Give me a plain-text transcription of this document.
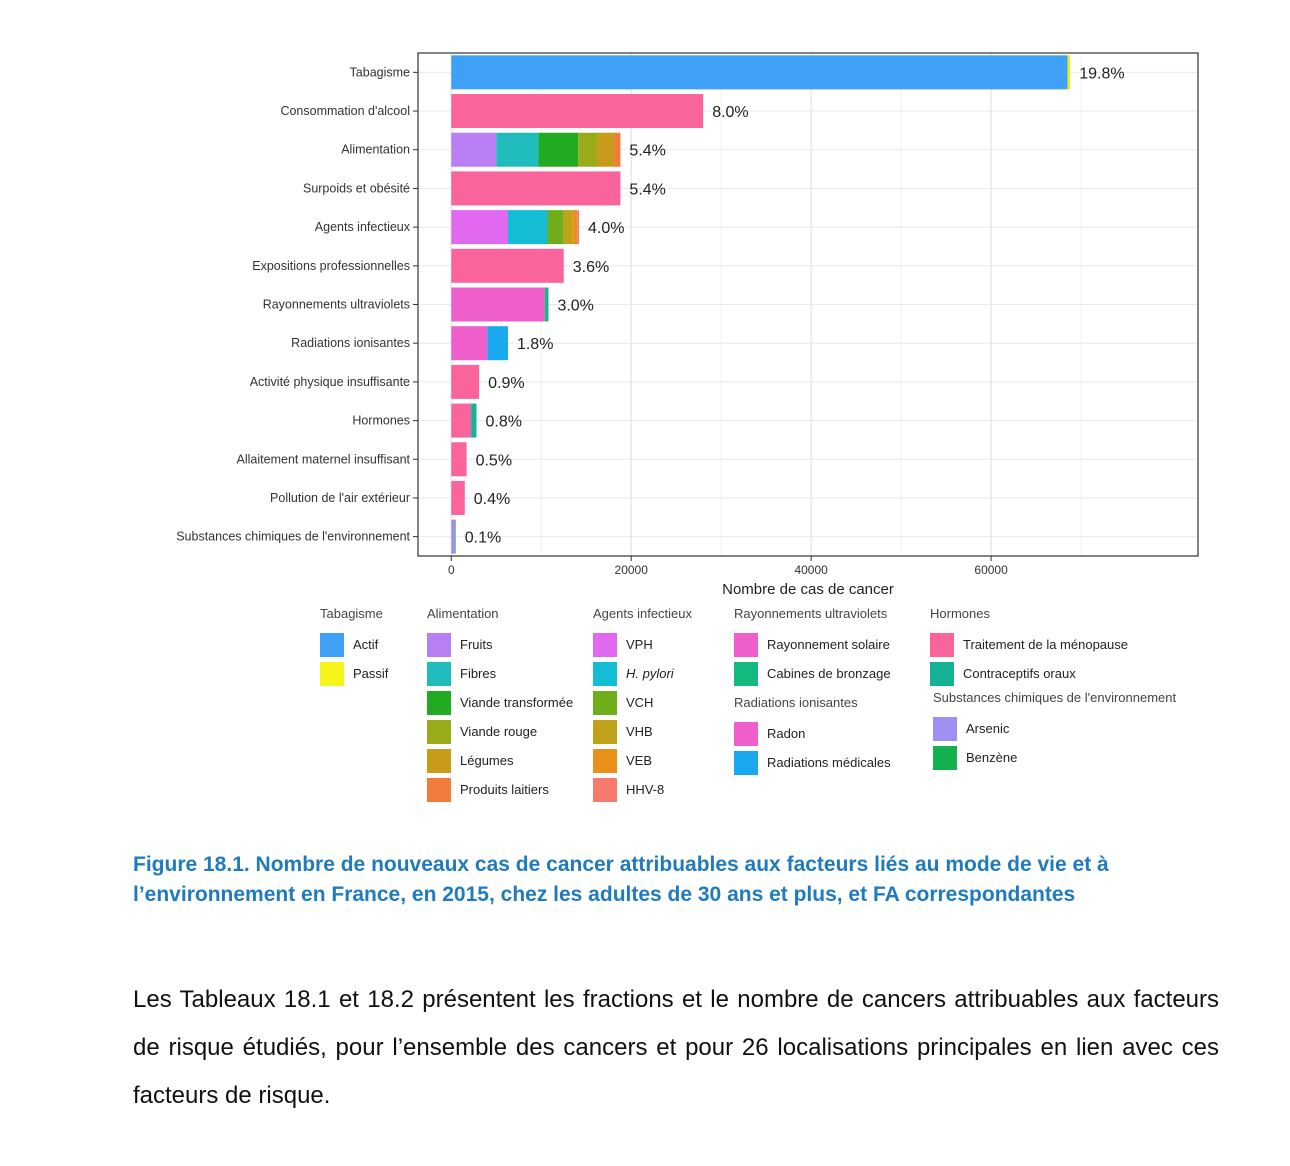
19.8%
Tabagisme
8.0%
Consommation d'alcool
5.4%
Alimentation
5.4%
Surpoids et obésité
4.0%
Agents infectieux
3.6%
Expositions professionnelles
3.0%
Rayonnements ultraviolets
1.8%
Radiations ionisantes
0.9%
Activité physique insuffisante
0.8%
Hormones
0.5%
Allaitement maternel insuffisant
0.4%
Pollution de l'air extérieur
0.1%
Substances chimiques de l'environnement
0	20000	40000	60000
Nombre de cas de cancer
Tabagisme
Actif
Passif
Alimentation
Fruits
Fibres
Viande transformée
Viande rouge
Légumes
Produits laitiers
Agents infectieux
VPH
H. pylori
VCH
VHB
VEB
HHV-8
Rayonnements ultraviolets
Rayonnement solaire
Cabines de bronzage
Radiations ionisantes
Radon
Radiations médicales
Hormones
Traitement de la ménopause
Contraceptifs oraux
Substances chimiques de l'environnement
Arsenic
Benzène
Figure 18.1. Nombre de nouveaux cas de cancer attribuables aux facteurs liés au mode de vie et à l’environnement en France, en 2015, chez les adultes de 30 ans et plus, et FA correspondantes
Les Tableaux 18.1 et 18.2 présentent les fractions et le nombre de cancers attribuables aux facteurs de risque étudiés, pour l’ensemble des cancers et pour 26 localisations principales en lien avec ces facteurs de risque.
